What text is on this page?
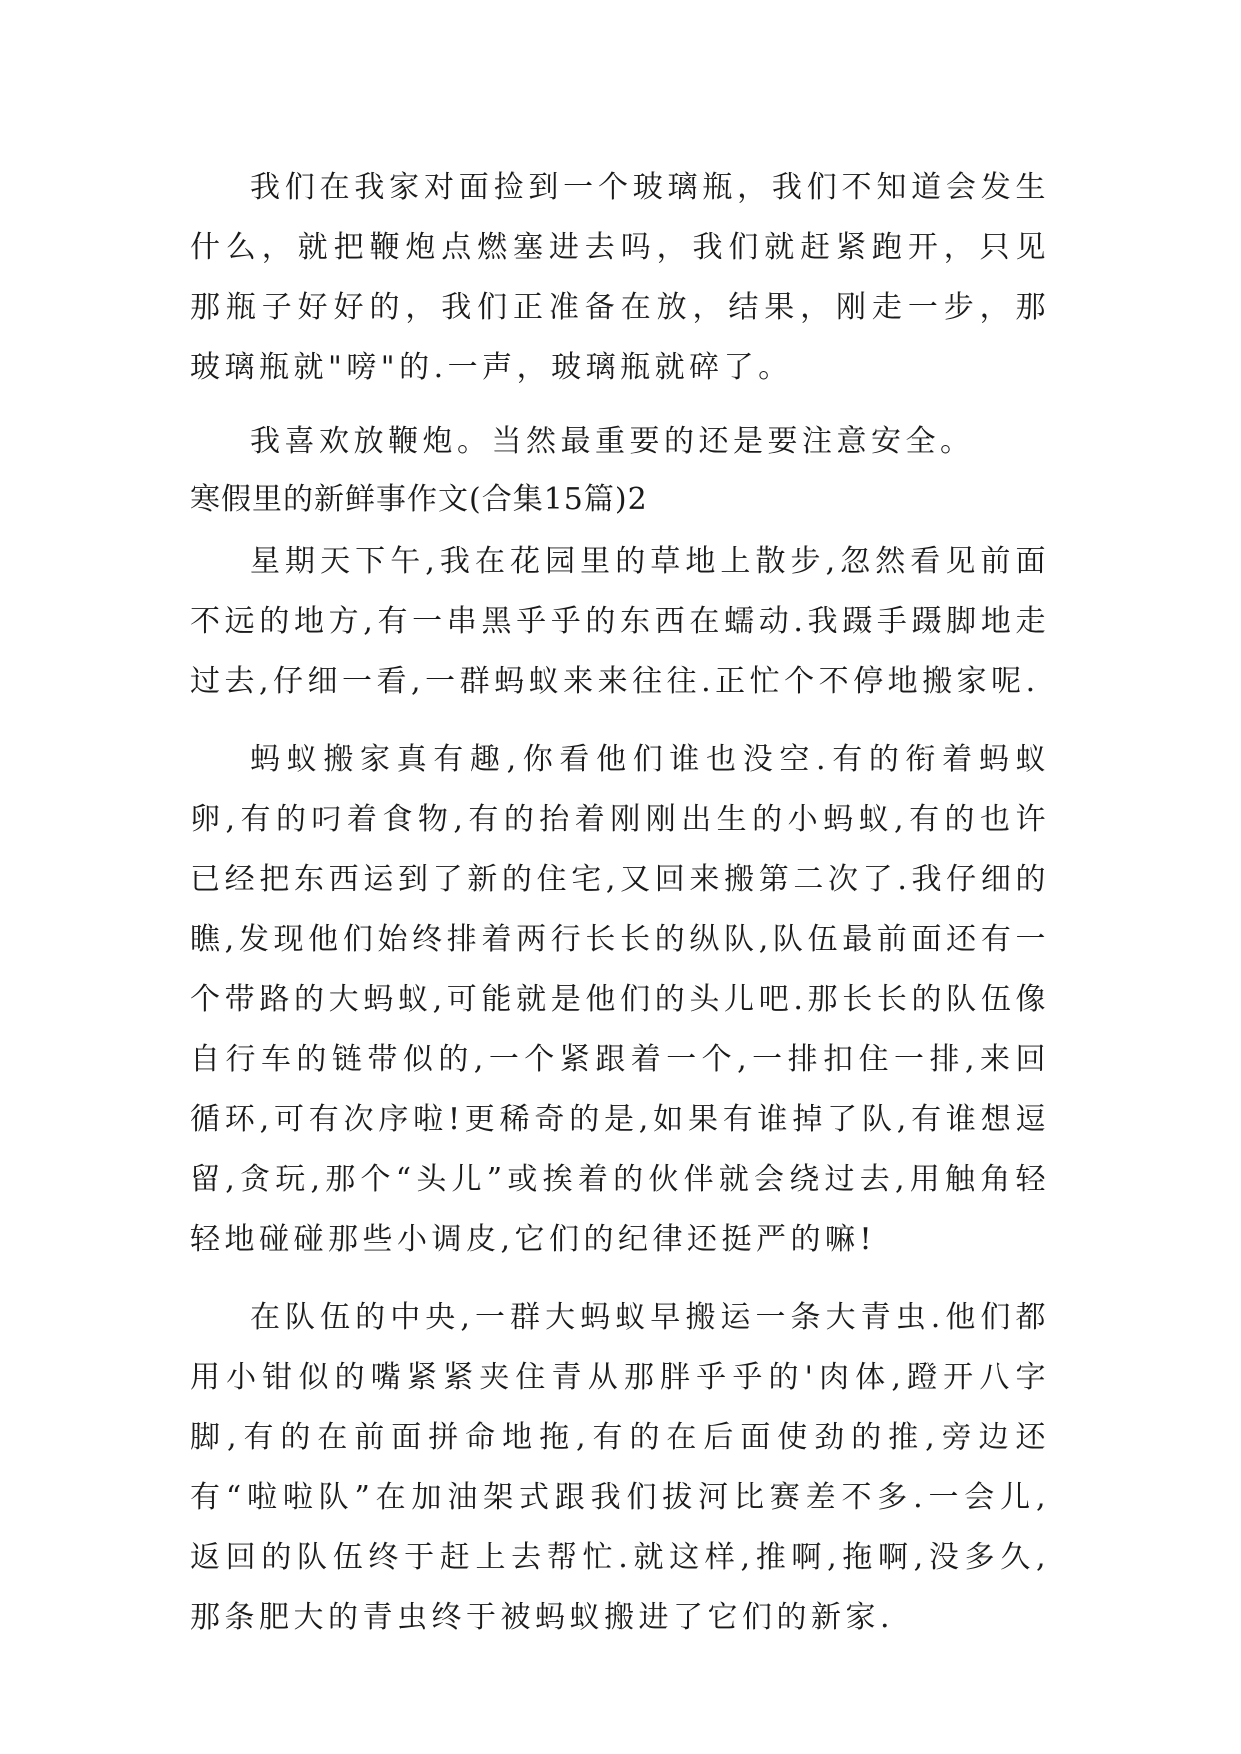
我们在我家对面捡到一个玻璃瓶，我们不知道会发生什么，就把鞭炮点燃塞进去吗，我们就赶紧跑开，只见那瓶子好好的，我们正准备在放，结果，刚走一步，那玻璃瓶就"嗙"的.一声，玻璃瓶就碎了。

我喜欢放鞭炮。当然最重要的还是要注意安全。

寒假里的新鲜事作文(合集15篇)2

星期天下午,我在花园里的草地上散步,忽然看见前面不远的地方,有一串黑乎乎的东西在蠕动.我蹑手蹑脚地走过去,仔细一看,一群蚂蚁来来往往.正忙个不停地搬家呢.

蚂蚁搬家真有趣,你看他们谁也没空.有的衔着蚂蚁卵,有的叼着食物,有的抬着刚刚出生的小蚂蚁,有的也许已经把东西运到了新的住宅,又回来搬第二次了.我仔细的瞧,发现他们始终排着两行长长的纵队,队伍最前面还有一个带路的大蚂蚁,可能就是他们的头儿吧.那长长的队伍像自行车的链带似的,一个紧跟着一个,一排扣住一排,来回循环,可有次序啦!更稀奇的是,如果有谁掉了队,有谁想逗留,贪玩,那个“头儿”或挨着的伙伴就会绕过去,用触角轻轻地碰碰那些小调皮,它们的纪律还挺严的嘛!

在队伍的中央,一群大蚂蚁早搬运一条大青虫.他们都用小钳似的嘴紧紧夹住青从那胖乎乎的'肉体,蹬开八字脚,有的在前面拼命地拖,有的在后面使劲的推,旁边还有“啦啦队”在加油架式跟我们拔河比赛差不多.一会儿,返回的队伍终于赶上去帮忙.就这样,推啊,拖啊,没多久,那条肥大的青虫终于被蚂蚁搬进了它们的新家.
